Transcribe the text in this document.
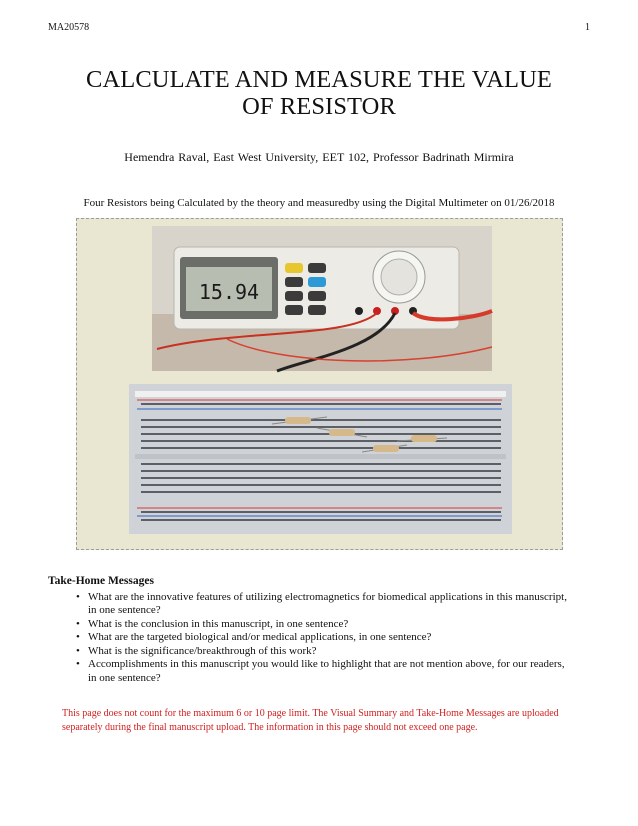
MA20578	1
CALCULATE AND MEASURE THE VALUE
OF RESISTOR
Hemendra Raval, East West University, EET 102, Professor Badrinath Mirmira
Four Resistors being Calculated by the theory and measuredby using the Digital Multimeter on 01/26/2018
15.94
Take-Home Messages
• What are the innovative features of utilizing electromagnetics for biomedical applications in this manuscript,
in one sentence?
• What is the conclusion in this manuscript, in one sentence?
• What are the targeted biological and/or medical applications, in one sentence?
• What is the significance/breakthrough of this work?
• Accomplishments in this manuscript you would like to highlight that are not mention above, for our readers,
in one sentence?
This page does not count for the maximum 6 or 10 page limit. The Visual Summary and Take-Home Messages are uploaded
separately during the final manuscript upload. The information in this page should not exceed one page.
